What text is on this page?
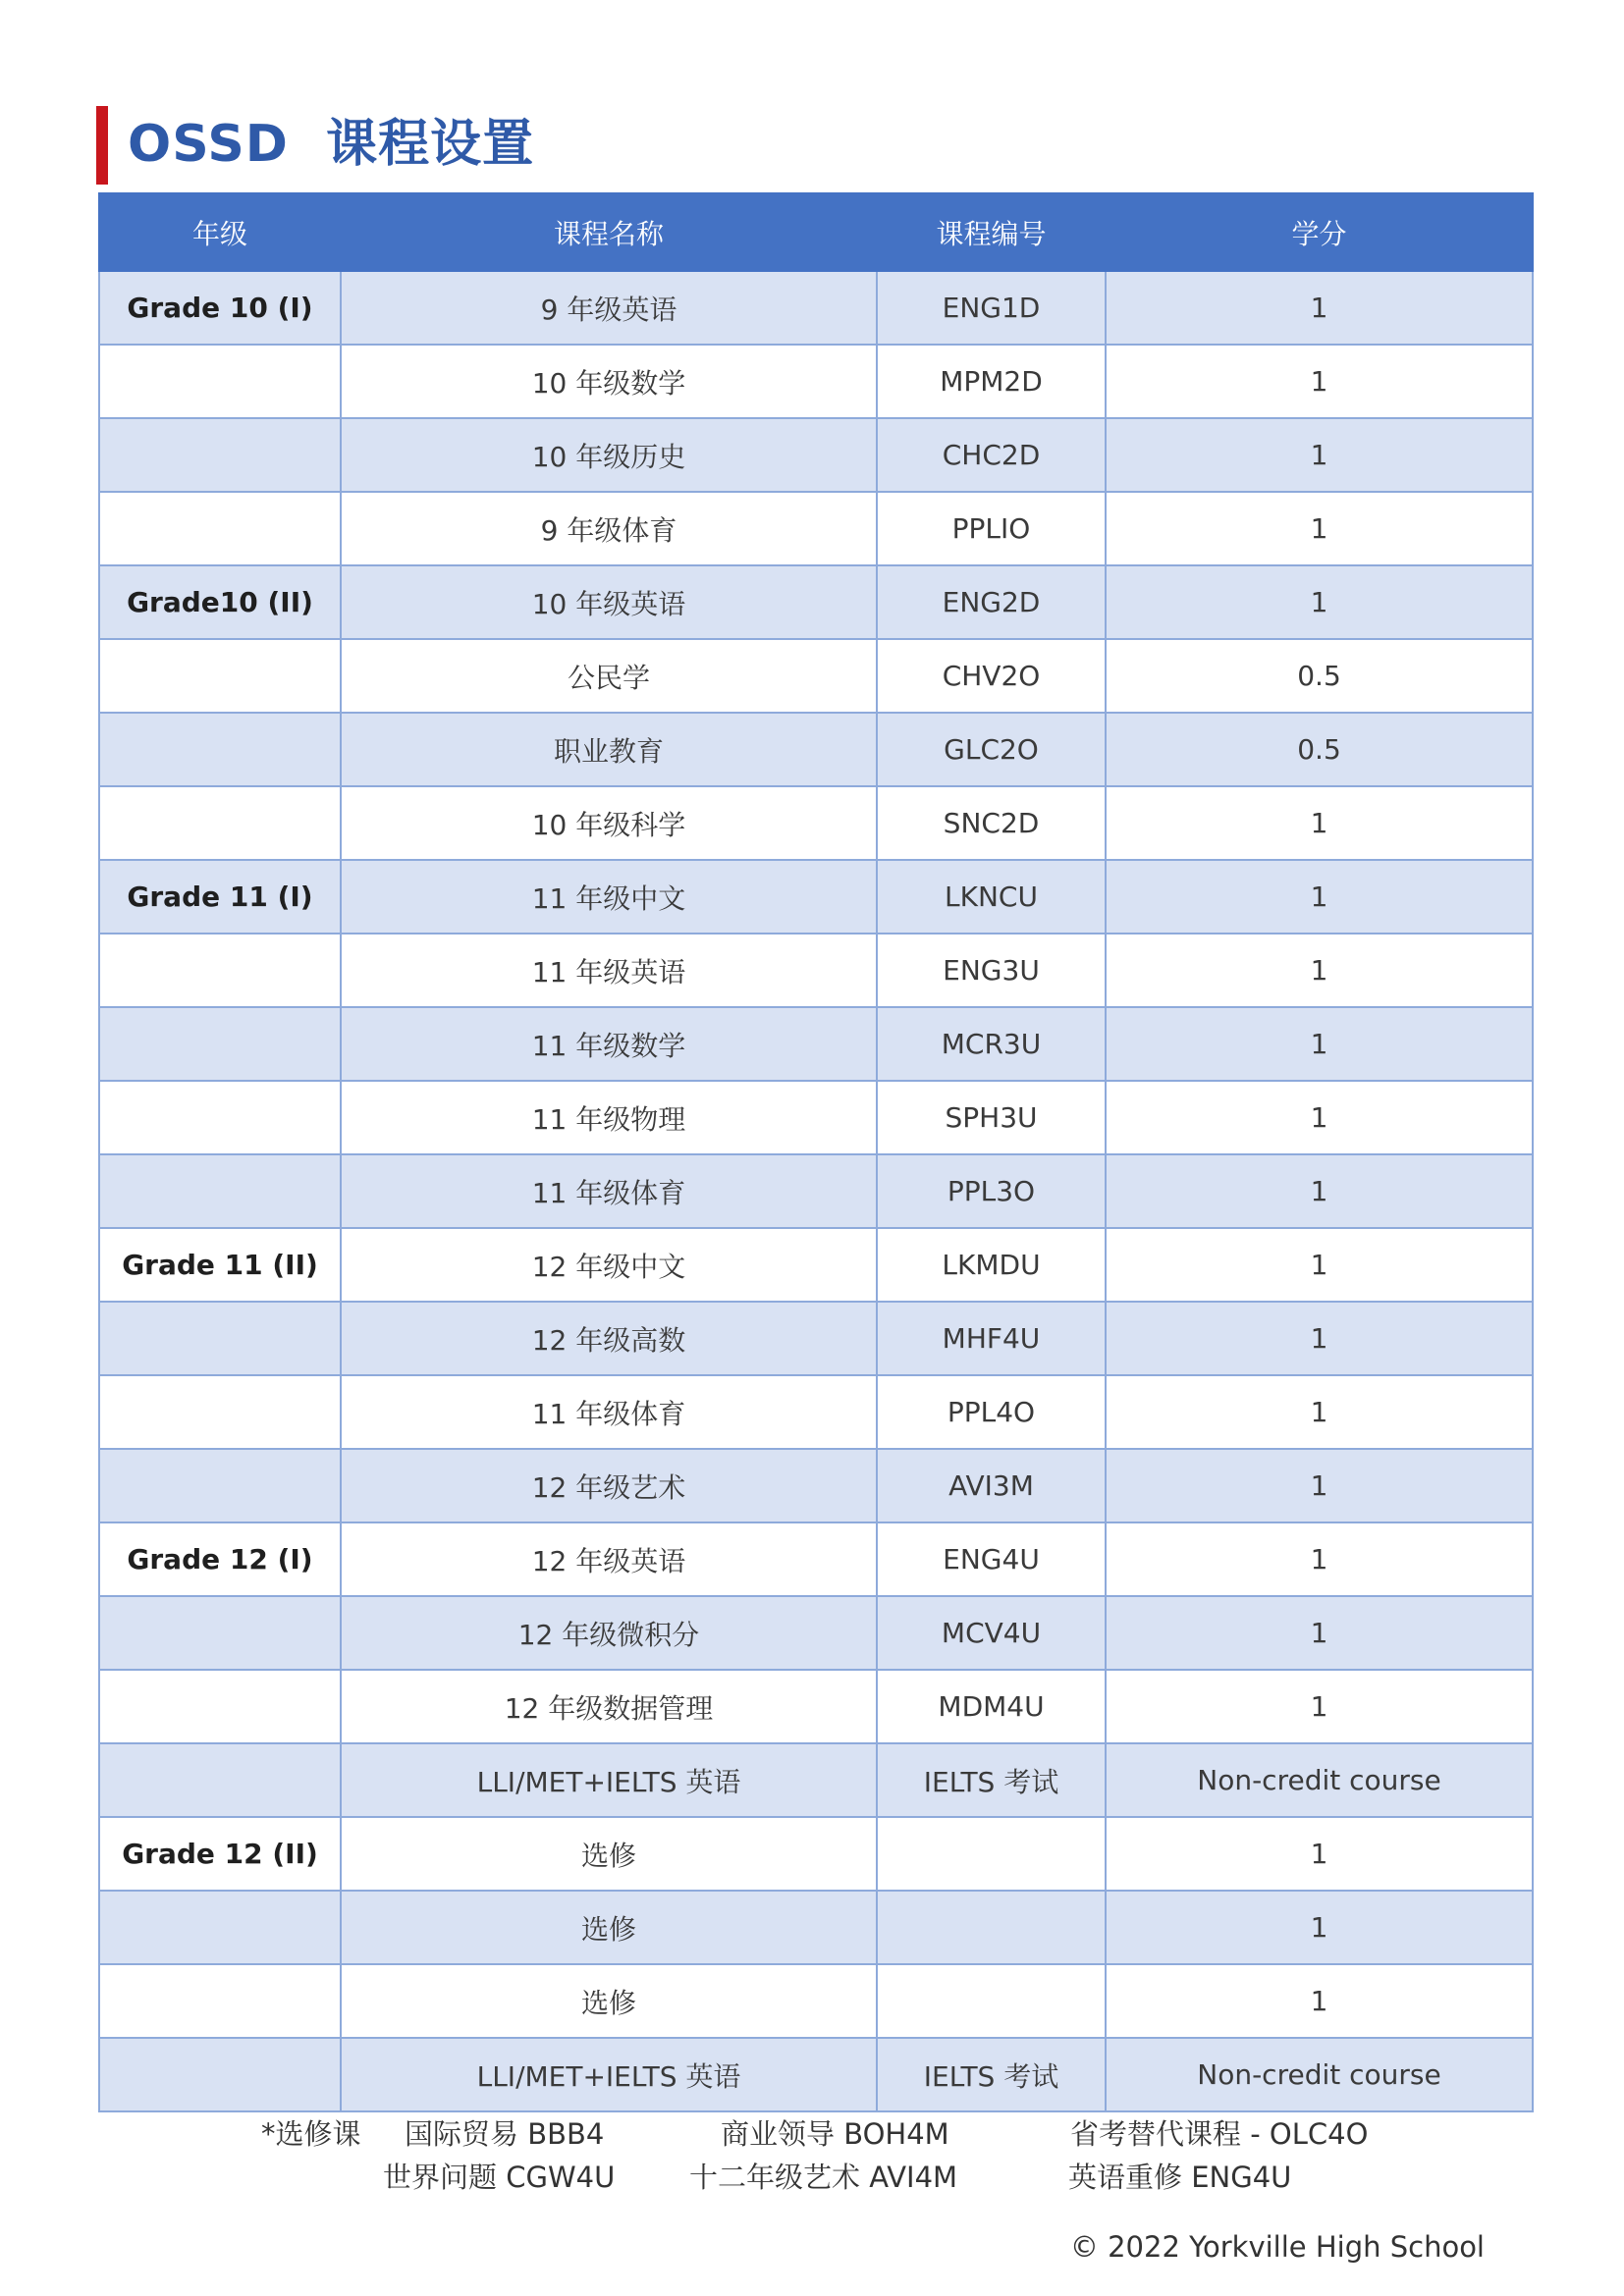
OSSD  课程设置
年级	课程名称	课程编号	学分
Grade 10 (I)	9 年级英语	ENG1D	1
	10 年级数学	MPM2D	1
	10 年级历史	CHC2D	1
	9 年级体育	PPLIO	1
Grade10 (II)	10 年级英语	ENG2D	1
	公民学	CHV2O	0.5
	职业教育	GLC2O	0.5
	10 年级科学	SNC2D	1
Grade 11 (I)	11 年级中文	LKNCU	1
	11 年级英语	ENG3U	1
	11 年级数学	MCR3U	1
	11 年级物理	SPH3U	1
	11 年级体育	PPL3O	1
Grade 11 (II)	12 年级中文	LKMDU	1
	12 年级高数	MHF4U	1
	11 年级体育	PPL4O	1
	12 年级艺术	AVI3M	1
Grade 12 (I)	12 年级英语	ENG4U	1
	12 年级微积分	MCV4U	1
	12 年级数据管理	MDM4U	1
	LLI/MET+IELTS 英语	IELTS 考试	Non-credit course
Grade 12 (II)	选修		1
	选修		1
	选修		1
	LLI/MET+IELTS 英语	IELTS 考试	Non-credit course
*选修课 国际贸易 BBB4	商业领导 BOH4M	省考替代课程 - OLC4O
世界问题 CGW4U	十二年级艺术 AVI4M	英语重修 ENG4U
© 2022 Yorkville High School
